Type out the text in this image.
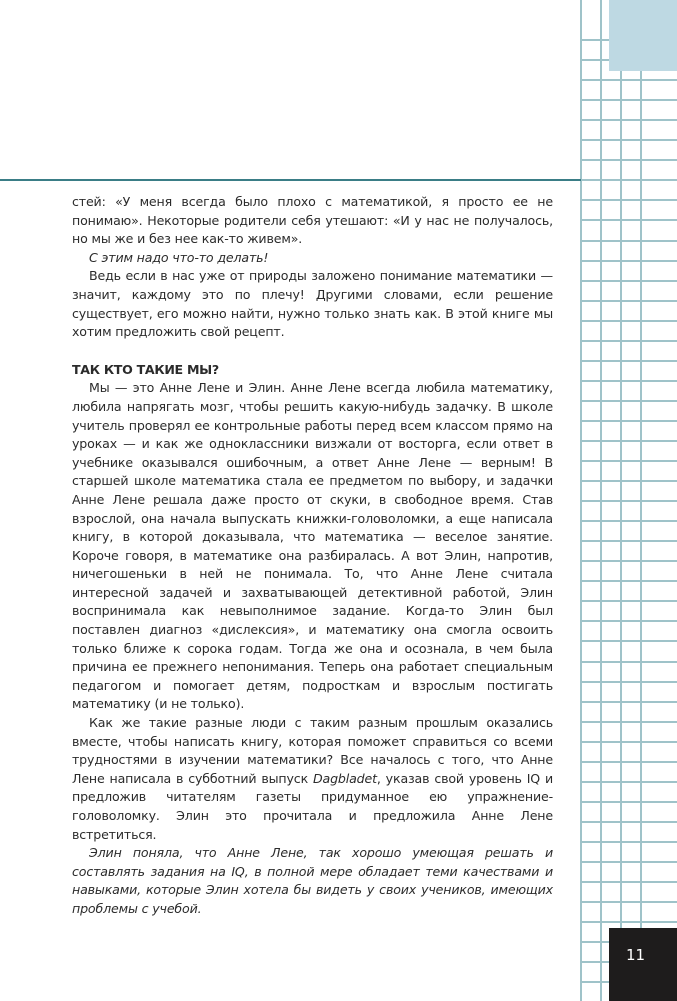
стей: «У меня всегда было плохо с математикой, я просто ее не понимаю». Некоторые родители себя утешают: «И у нас не получалось, но мы же и без нее как-то живем».

С этим надо что-то делать!

Ведь если в нас уже от природы заложено понимание математики — значит, каждому это по плечу! Другими словами, если решение существует, его можно найти, нужно только знать как. В этой книге мы хотим предложить свой рецепт.

ТАК КТО ТАКИЕ МЫ?

Мы — это Анне Лене и Элин. Анне Лене всегда любила математику, любила напрягать мозг, чтобы решить какую-нибудь задачку. В школе учитель проверял ее контрольные работы перед всем классом прямо на уроках — и как же одноклассники визжали от восторга, если ответ в учебнике оказывался ошибочным, а ответ Анне Лене — верным! В старшей школе математика стала ее предметом по выбору, и задачки Анне Лене решала даже просто от скуки, в свободное время. Став взрослой, она начала выпускать книжки-головоломки, а еще написала книгу, в которой доказывала, что математика — веселое занятие. Короче говоря, в математике она разбиралась. А вот Элин, напротив, ничегошеньки в ней не понимала. То, что Анне Лене считала интересной задачей и захватывающей детективной работой, Элин воспринимала как невыполнимое задание. Когда-то Элин был поставлен диагноз «дислексия», и математику она смогла освоить только ближе к сорока годам. Тогда же она и осознала, в чем была причина ее прежнего непонимания. Теперь она работает специальным педагогом и помогает детям, подросткам и взрослым постигать математику (и не только).

Как же такие разные люди с таким разным прошлым оказались вместе, чтобы написать книгу, которая поможет справиться со всеми трудностями в изучении математики? Все началось с того, что Анне Лене написала в субботний выпуск Dagbladet, указав свой уровень IQ и предложив читателям газеты придуманное ею упражнение-головоломку. Элин это прочитала и предложила Анне Лене встретиться.

Элин поняла, что Анне Лене, так хорошо умеющая решать и составлять задания на IQ, в полной мере обладает теми качествами и навыками, которые Элин хотела бы видеть у своих учеников, имеющих проблемы с учебой.

11
